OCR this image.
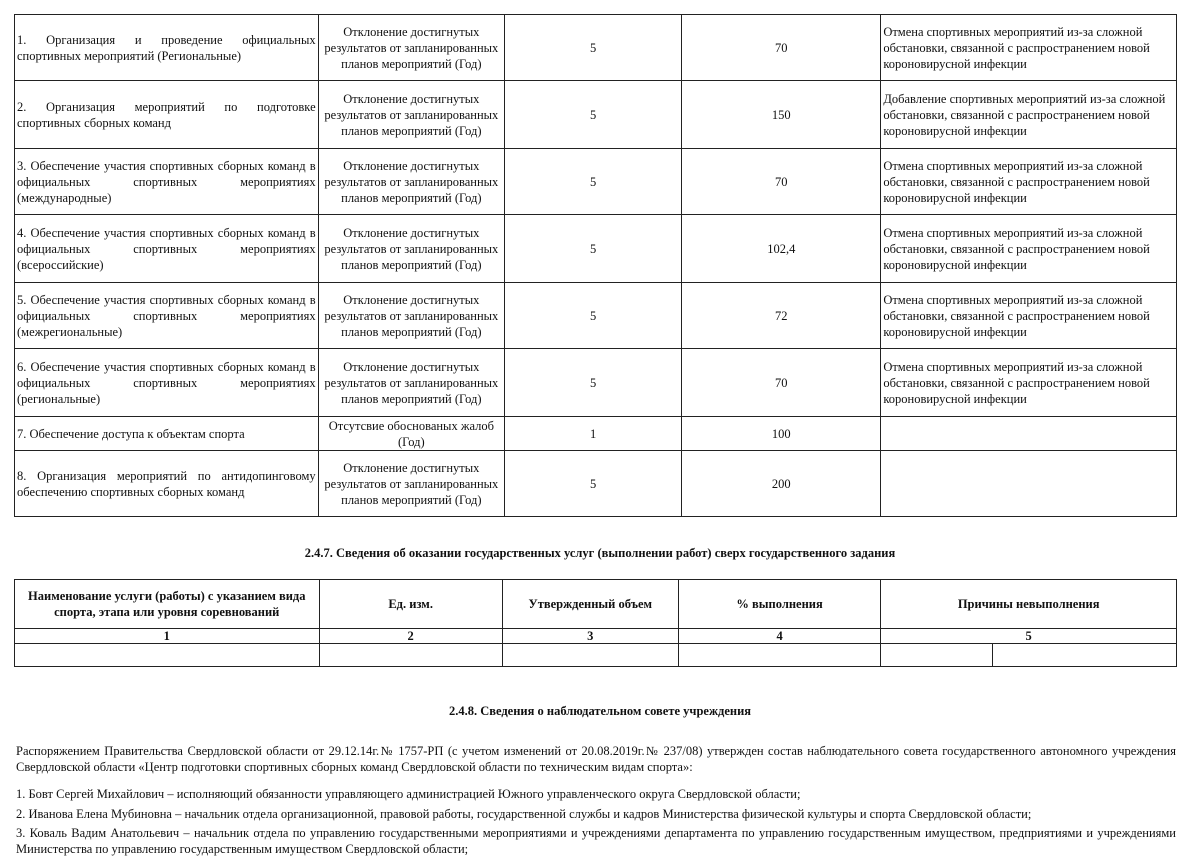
1. Организация и проведение официальных спортивных мероприятий (Региональные)	Отклонение достигнутых результатов от запланированных планов мероприятий (Год)	5	70	Отмена спортивных мероприятий из-за сложной обстановки, связанной с распространением новой короновирусной инфекции
2. Организация мероприятий по подготовке спортивных сборных команд	Отклонение достигнутых результатов от запланированных планов мероприятий (Год)	5	150	Добавление спортивных мероприятий из-за сложной обстановки, связанной с распространением новой короновирусной инфекции
3. Обеспечение участия спортивных сборных команд в официальных спортивных мероприятиях (международные)	Отклонение достигнутых результатов от запланированных планов мероприятий (Год)	5	70	Отмена спортивных мероприятий из-за сложной обстановки, связанной с распространением новой короновирусной инфекции
4. Обеспечение участия спортивных сборных команд в официальных спортивных мероприятиях (всероссийские)	Отклонение достигнутых результатов от запланированных планов мероприятий (Год)	5	102,4	Отмена спортивных мероприятий из-за сложной обстановки, связанной с распространением новой короновирусной инфекции
5. Обеспечение участия спортивных сборных команд в официальных спортивных мероприятиях (межрегиональные)	Отклонение достигнутых результатов от запланированных планов мероприятий (Год)	5	72	Отмена спортивных мероприятий из-за сложной обстановки, связанной с распространением новой короновирусной инфекции
6. Обеспечение участия спортивных сборных команд в официальных спортивных мероприятиях (региональные)	Отклонение достигнутых результатов от запланированных планов мероприятий (Год)	5	70	Отмена спортивных мероприятий из-за сложной обстановки, связанной с распространением новой короновирусной инфекции
7. Обеспечение доступа к объектам спорта	Отсутсвие обоснованых жалоб (Год)	1	100	
8. Организация мероприятий по антидопинговому обеспечению спортивных сборных команд	Отклонение достигнутых результатов от запланированных планов мероприятий (Год)	5	200	
2.4.7. Сведения об оказании государственных услуг (выполнении работ) сверх государственного задания
Наименование услуги (работы) с указанием вида спорта, этапа или уровня соревнований	Ед. изм.	Утвержденный объем	% выполнения	Причины невыполнения	
1	2	3	4	5	

2.4.8. Сведения о наблюдательном совете учреждения
Распоряжением Правительства Свердловской области от 29.12.14г.№ 1757-РП (с учетом изменений от 20.08.2019г.№ 237/08) утвержден состав наблюдательного совета государственного автономного учреждения Свердловской области «Центр подготовки спортивных сборных команд Свердловской области по техническим видам спорта»:
1. Бовт Сергей Михайлович – исполняющий обязанности управляющего администрацией Южного управленческого округа Свердловской области;
2. Иванова Елена Мубиновна – начальник отдела организационной, правовой работы, государственной службы и кадров Министерства физической культуры и спорта Свердловской области;
3. Коваль Вадим Анатольевич – начальник отдела по управлению государственными мероприятиями и учреждениями департамента по управлению государственным имуществом, предприятиями и учреждениями Министерства по управлению государственным имуществом Свердловской области;
